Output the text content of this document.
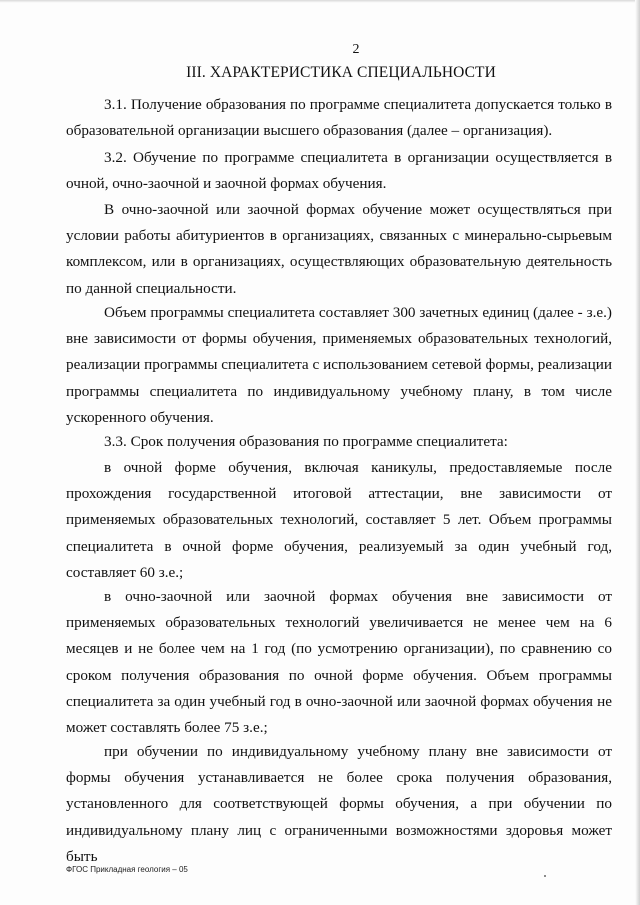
2
III. ХАРАКТЕРИСТИКА СПЕЦИАЛЬНОСТИ

3.1. Получение образования по программе специалитета допускается только в образовательной организации высшего образования (далее – организация).

3.2. Обучение по программе специалитета в организации осуществляется в очной, очно-заочной и заочной формах обучения.

В очно-заочной или заочной формах обучение может осуществляться при условии работы абитуриентов в организациях, связанных с минерально-сырьевым комплексом, или в организациях, осуществляющих образовательную деятельность по данной специальности.

Объем программы специалитета составляет 300 зачетных единиц (далее - з.е.) вне зависимости от формы обучения, применяемых образовательных технологий, реализации программы специалитета с использованием сетевой формы, реализации программы специалитета по индивидуальному учебному плану, в том числе ускоренного обучения.

3.3. Срок получения образования по программе специалитета:

в очной форме обучения, включая каникулы, предоставляемые после прохождения государственной итоговой аттестации, вне зависимости от применяемых образовательных технологий, составляет 5 лет. Объем программы специалитета в очной форме обучения, реализуемый за один учебный год, составляет 60 з.е.;

в очно-заочной или заочной формах обучения вне зависимости от применяемых образовательных технологий увеличивается не менее чем на 6 месяцев и не более чем на 1 год (по усмотрению организации), по сравнению со сроком получения образования по очной форме обучения. Объем программы специалитета за один учебный год в очно-заочной или заочной формах обучения не может составлять более 75 з.е.;

при обучении по индивидуальному учебному плану вне зависимости от формы обучения устанавливается не более срока получения образования, установленного для соответствующей формы обучения, а при обучении по индивидуальному плану лиц с ограниченными возможностями здоровья может быть

ФГОС Прикладная геология – 05
